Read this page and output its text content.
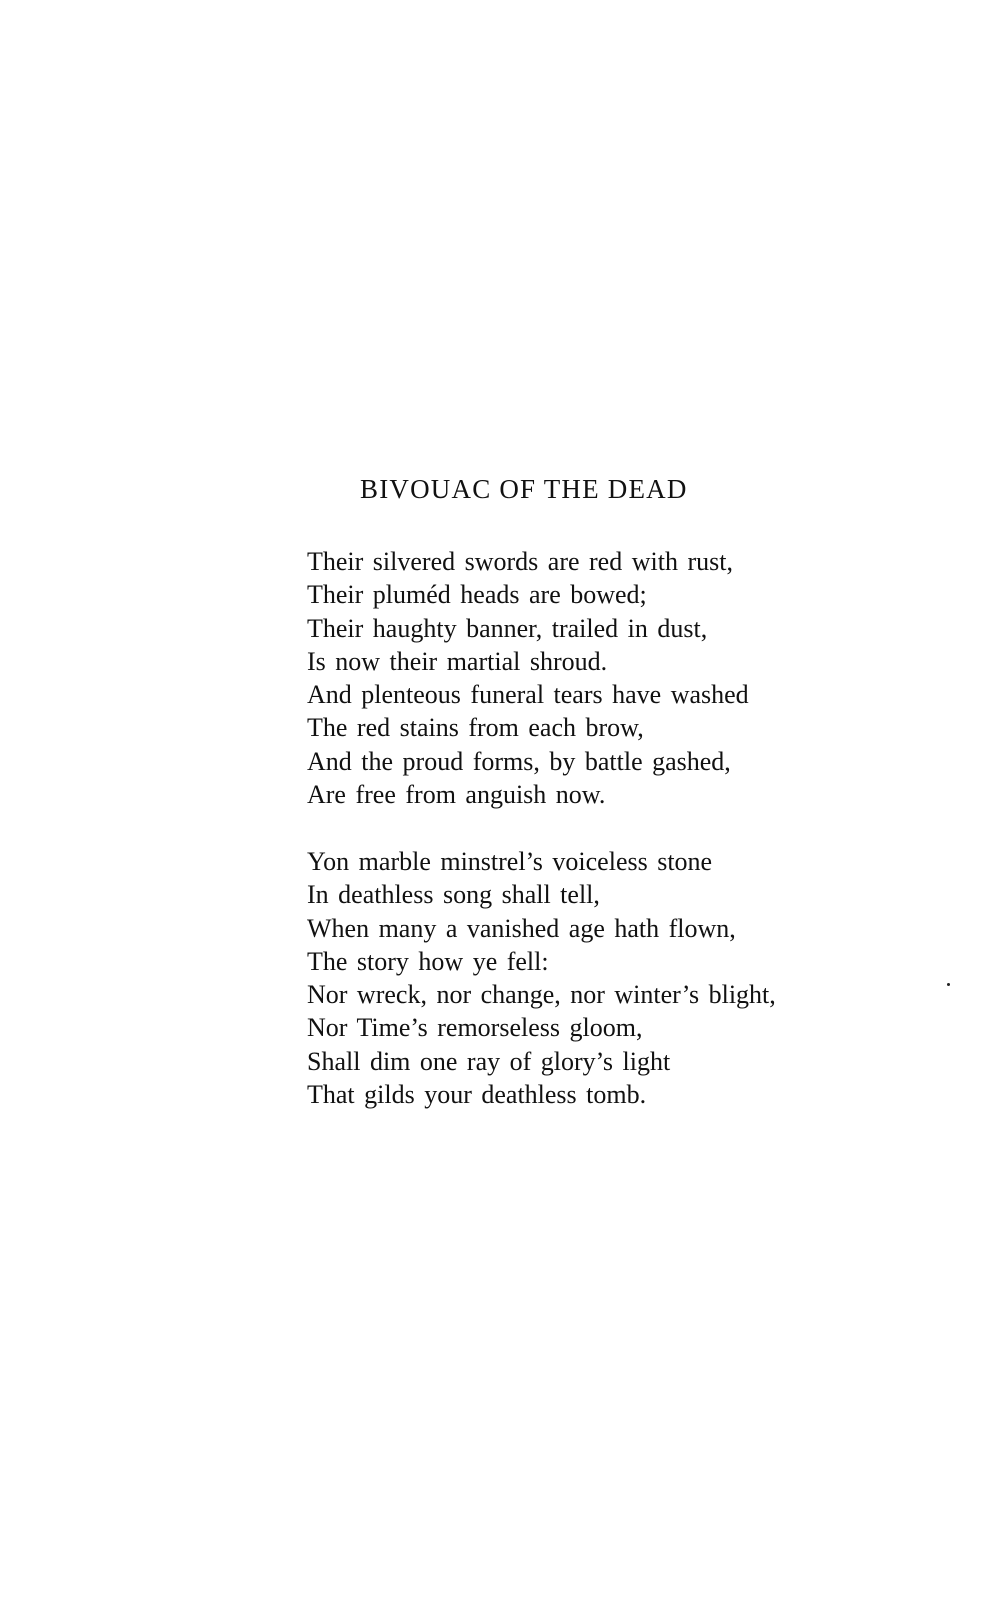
BIVOUAC OF THE DEAD
Their silvered swords are red with rust,
Their pluméd heads are bowed;
Their haughty banner, trailed in dust,
Is now their martial shroud.
And plenteous funeral tears have washed
The red stains from each brow,
And the proud forms, by battle gashed,
Are free from anguish now.
Yon marble minstrel’s voiceless stone
In deathless song shall tell,
When many a vanished age hath flown,
The story how ye fell:
Nor wreck, nor change, nor winter’s blight,
Nor Time’s remorseless gloom,
Shall dim one ray of glory’s light
That gilds your deathless tomb.
